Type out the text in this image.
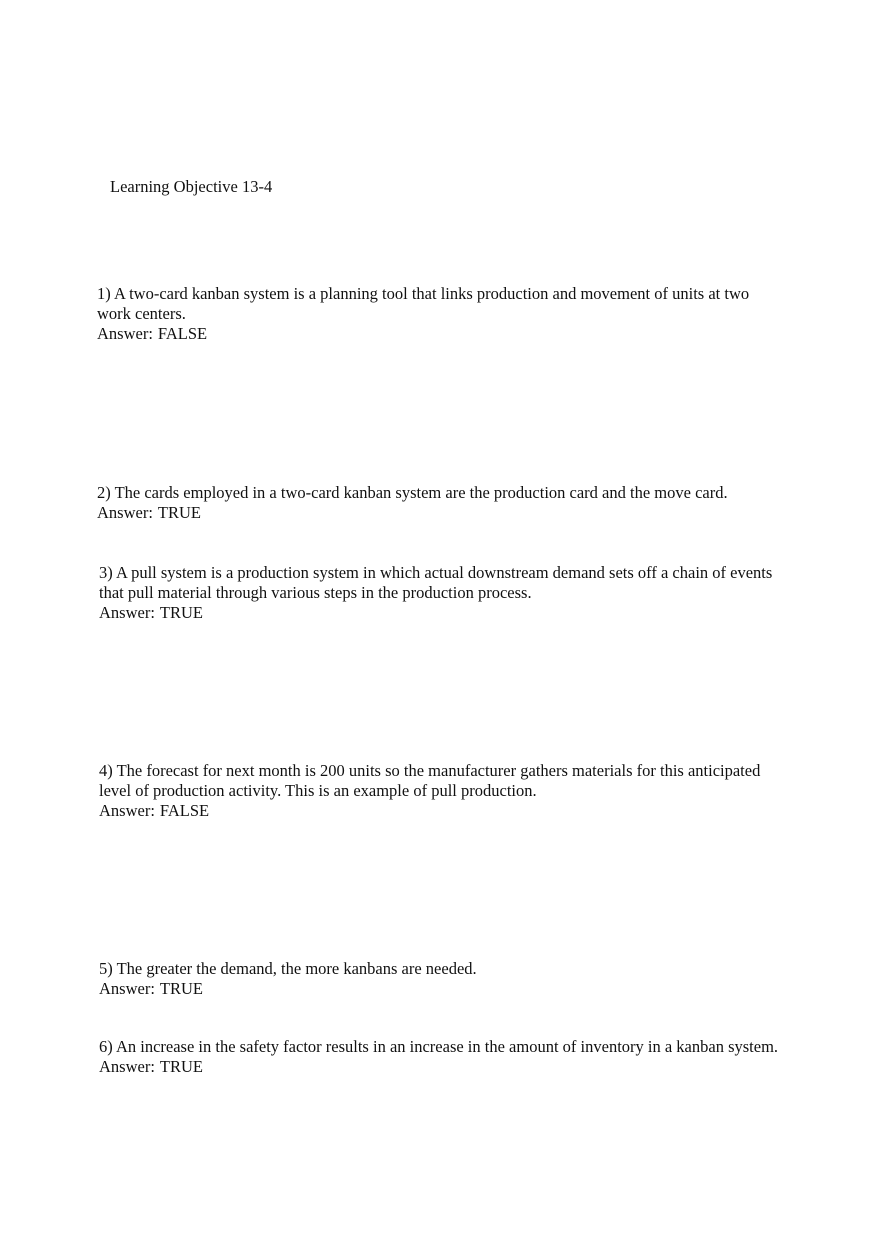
Learning Objective 13-4
1) A two-card kanban system is a planning tool that links production and movement of units at two work centers.
Answer: FALSE
2) The cards employed in a two-card kanban system are the production card and the move card.
Answer: TRUE
3) A pull system is a production system in which actual downstream demand sets off a chain of events that pull material through various steps in the production process.
Answer: TRUE
4) The forecast for next month is 200 units so the manufacturer gathers materials for this anticipated level of production activity. This is an example of pull production.
Answer: FALSE
5) The greater the demand, the more kanbans are needed.
Answer: TRUE
6) An increase in the safety factor results in an increase in the amount of inventory in a kanban system.
Answer: TRUE
